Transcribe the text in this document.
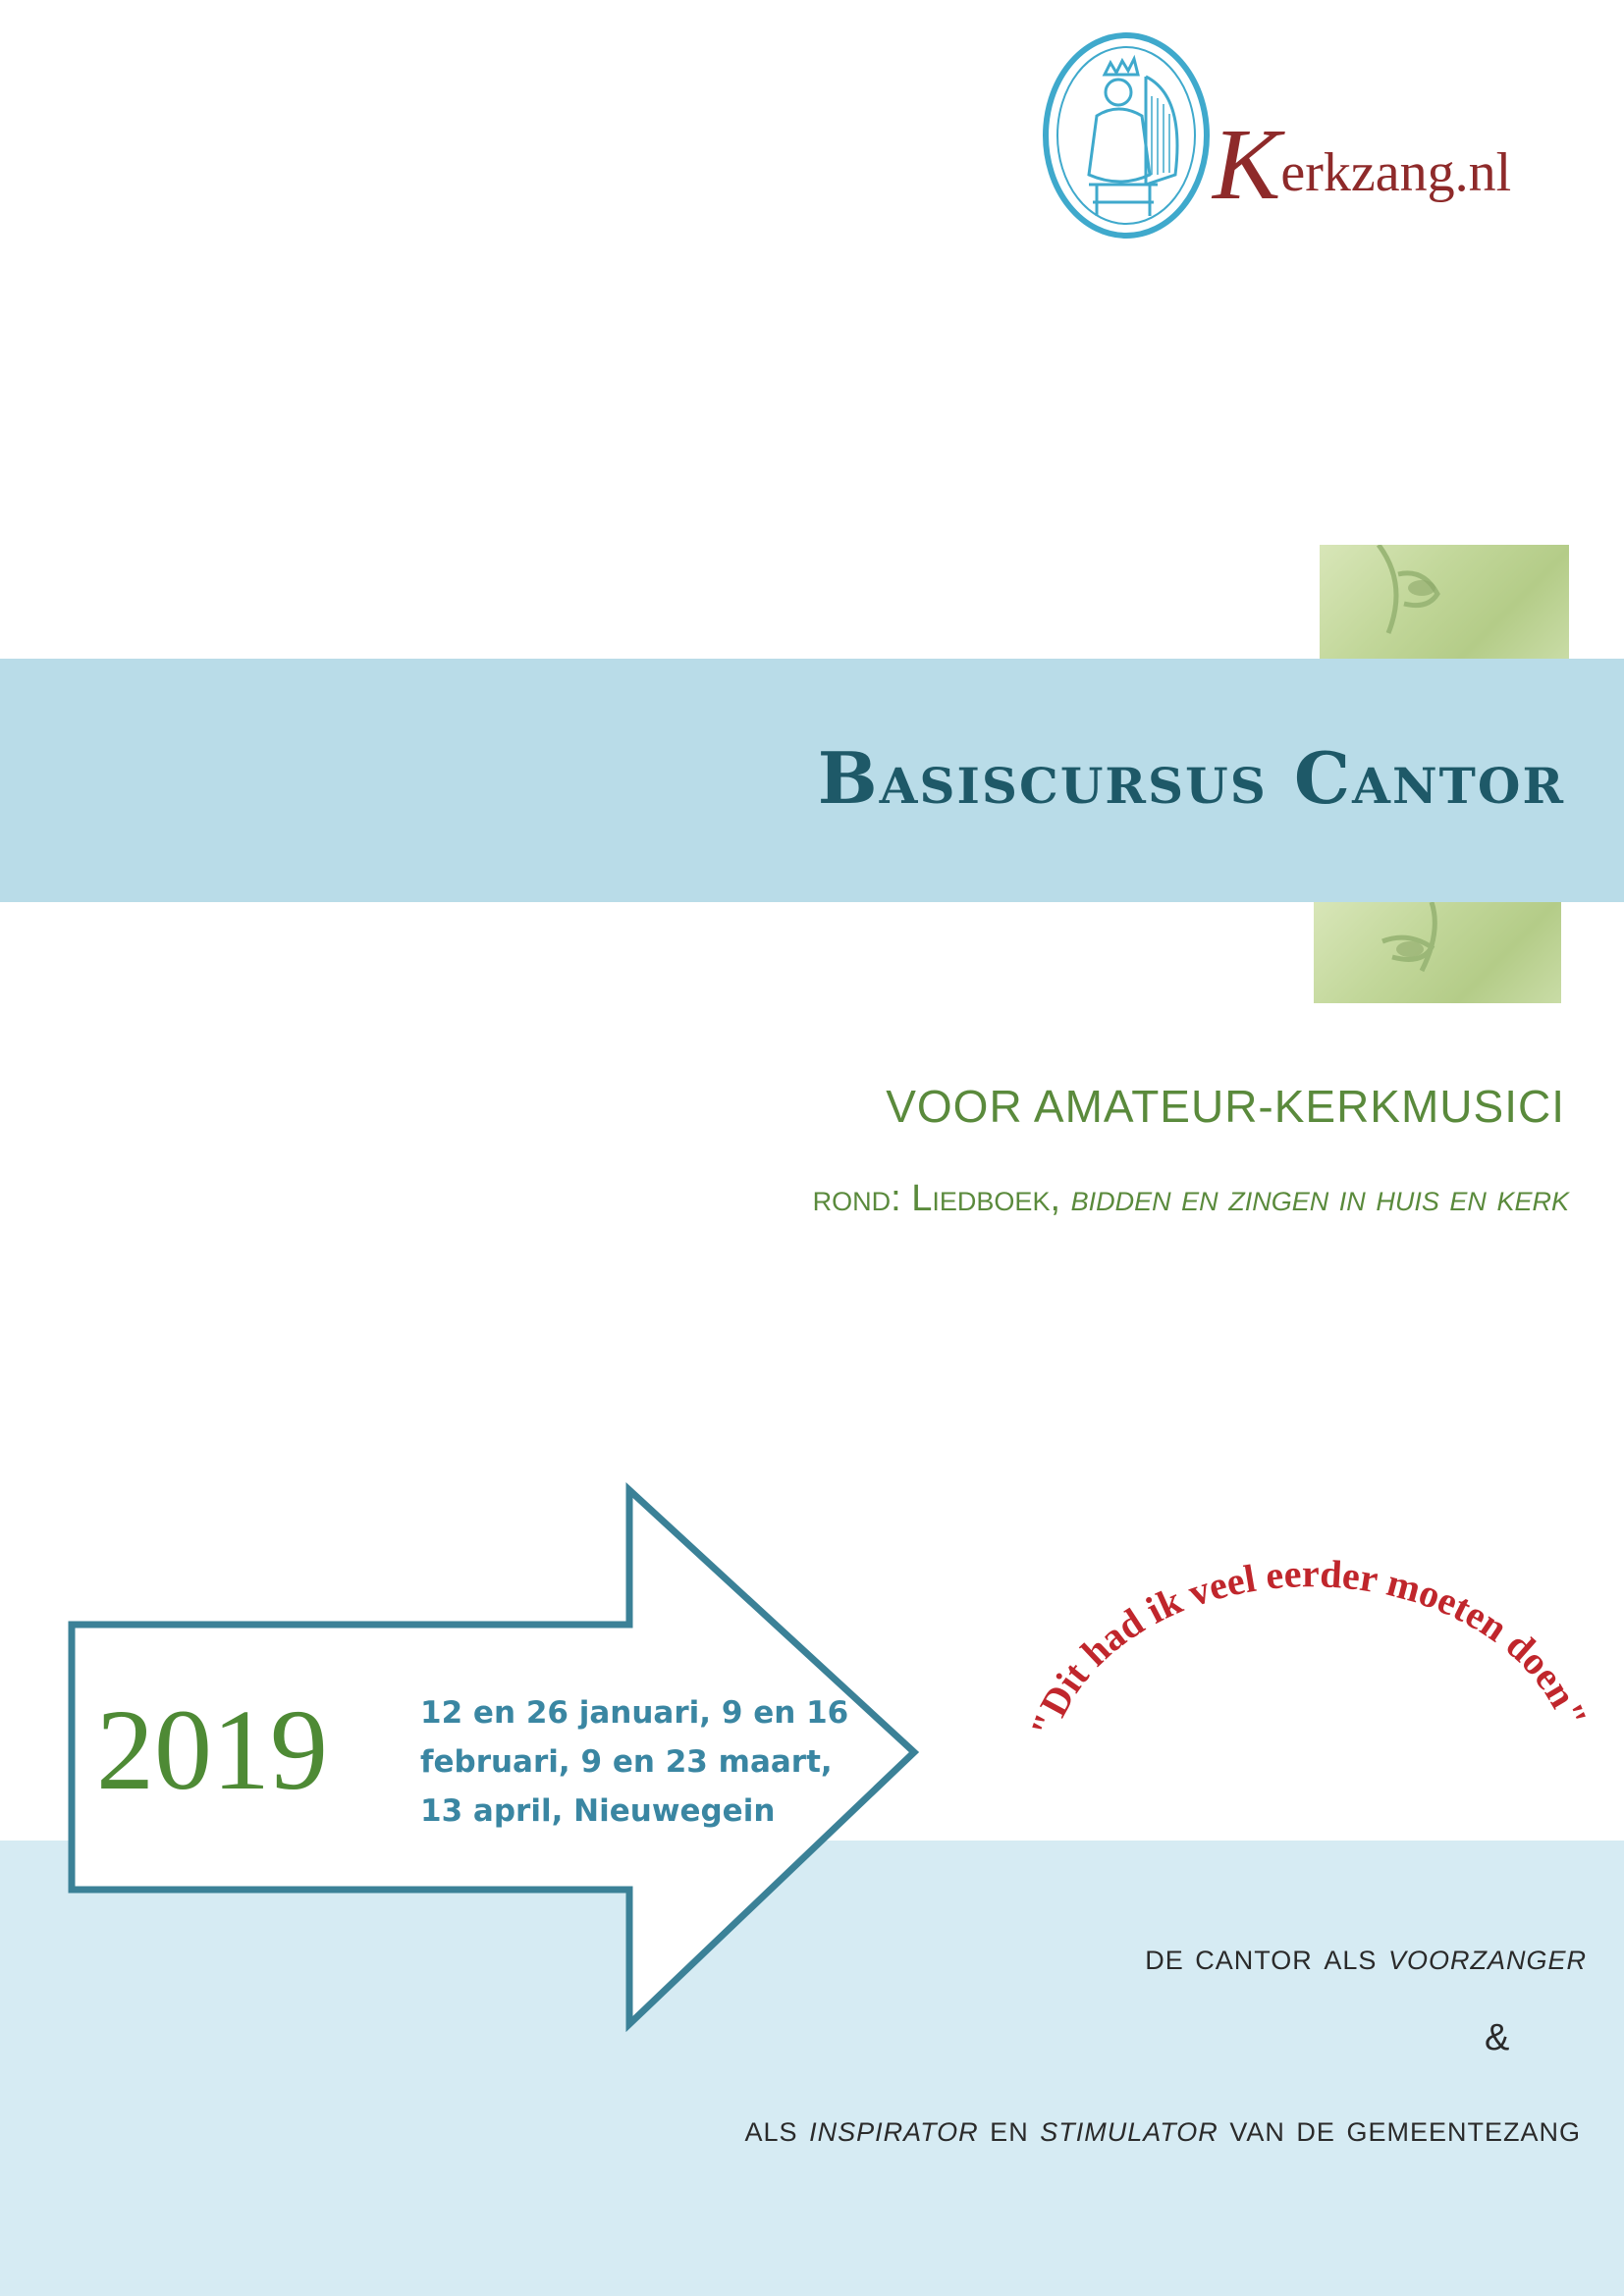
Kerkzang.nl
Basiscursus Cantor
VOOR AMATEUR-KERKMUSICI
rond: Liedboek, bidden en zingen in huis en kerk
2019	12 en 26 januari, 9 en 16
februari, 9 en 23 maart,
13 april, Nieuwegein
"Dit had ik veel eerder moeten doen"
de cantor als voorzanger
&
als inspirator en stimulator van de gemeentezang
